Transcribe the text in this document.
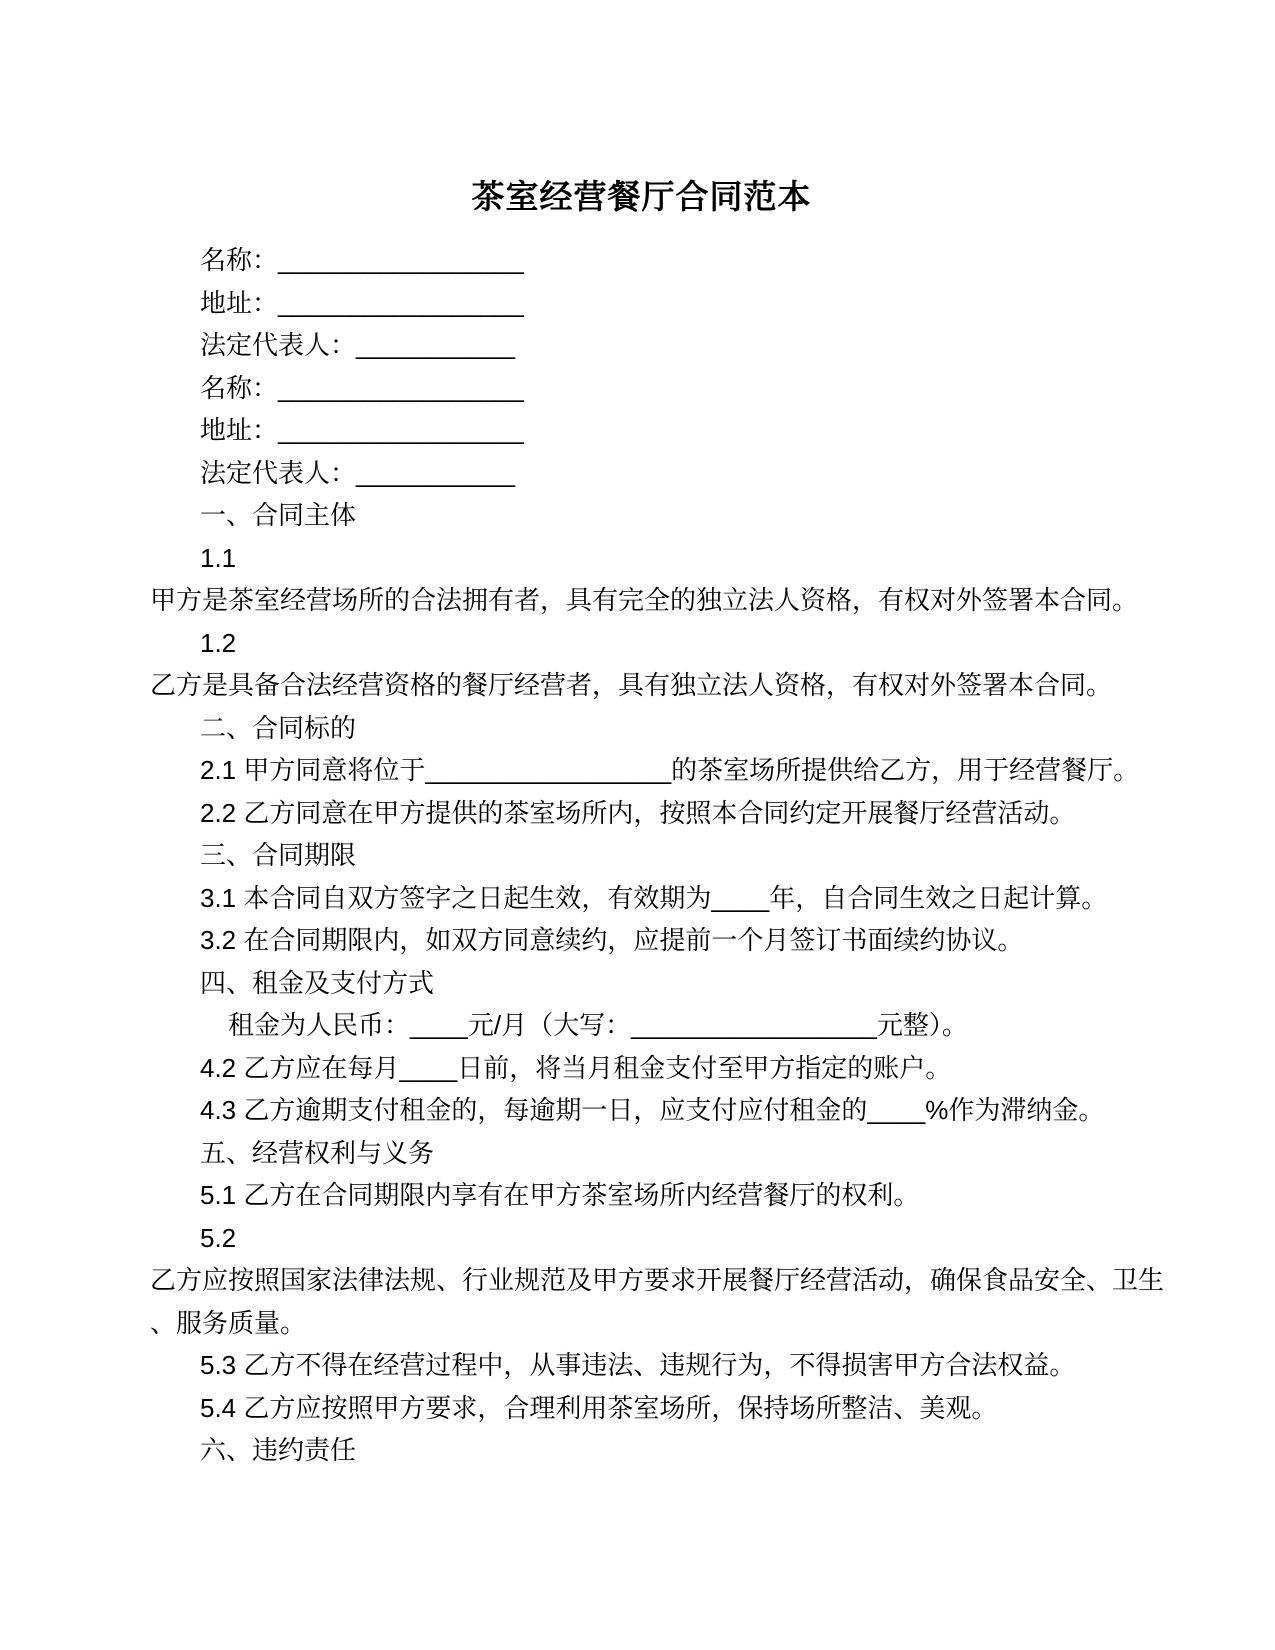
茶室经营餐厅合同范本

名称：_________________

地址：_________________

法定代表人：___________

名称：_________________

地址：_________________

法定代表人：___________

一、合同主体

1.1

甲方是茶室经营场所的合法拥有者，具有完全的独立法人资格，有权对外签署本合同。

1.2

乙方是具备合法经营资格的餐厅经营者，具有独立法人资格，有权对外签署本合同。

二、合同标的

2.1 甲方同意将位于_________________的茶室场所提供给乙方，用于经营餐厅。

2.2 乙方同意在甲方提供的茶室场所内，按照本合同约定开展餐厅经营活动。

三、合同期限

3.1 本合同自双方签字之日起生效，有效期为____年，自合同生效之日起计算。

3.2 在合同期限内，如双方同意续约，应提前一个月签订书面续约协议。

四、租金及支付方式

租金为人民币：____元/月（大写：_________________元整）。

4.2 乙方应在每月____日前，将当月租金支付至甲方指定的账户。

4.3 乙方逾期支付租金的，每逾期一日，应支付应付租金的____%作为滞纳金。

五、经营权利与义务

5.1 乙方在合同期限内享有在甲方茶室场所内经营餐厅的权利。

5.2

乙方应按照国家法律法规、行业规范及甲方要求开展餐厅经营活动，确保食品安全、卫生

、服务质量。

5.3 乙方不得在经营过程中，从事违法、违规行为，不得损害甲方合法权益。

5.4 乙方应按照甲方要求，合理利用茶室场所，保持场所整洁、美观。

六、违约责任
